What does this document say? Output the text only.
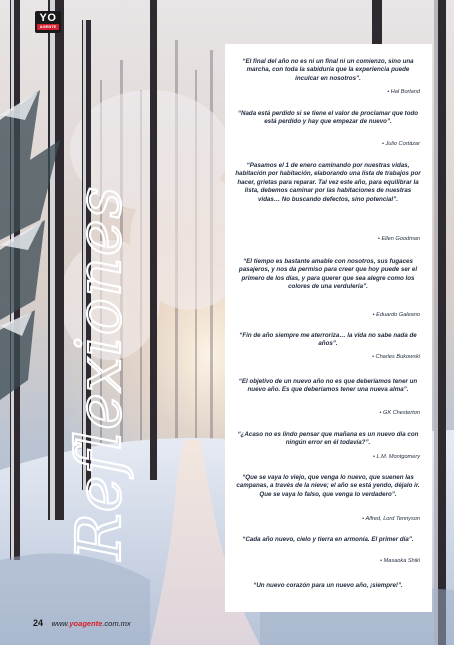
YO
AGENTE
Reflexiones
“El final del año no es ni un final ni un comienzo, sino una marcha, con toda la sabiduría que la experiencia puede inculcar en nosotros”.
• Hal Borland
“Nada está perdido si se tiene el valor de proclamar que todo está perdido y hay que empezar de nuevo”.
• Julio Cortázar
“Pasamos el 1 de enero caminando por nuestras vidas, habitación por habitación, elaborando una lista de trabajos por hacer, grietas para reparar. Tal vez este año, para equilibrar la lista, debemos caminar por las habitaciones de nuestras vidas… No buscando defectos, sino potencial”.
• Ellen Goodman
“El tiempo es bastante amable con nosotros, sus fugaces pasajeros, y nos da permiso para creer que hoy puede ser el primero de los días, y para querer que sea alegre como los colores de una verdulería”.
• Eduardo Galeano
“Fin de año siempre me aterroriza… la vida no sabe nada de años”.
• Charles Bukowski
“El objetivo de un nuevo año no es que deberíamos tener un nuevo año. Es que deberíamos tener una nueva alma”.
• GK Chesterton
“¿Acaso no es lindo pensar que mañana es un nuevo día con ningún error en él todavía?”.
• L.M. Montgomery
“Que se vaya lo viejo, que venga lo nuevo, que suenen las campanas, a través de la nieve; el año se está yendo, déjalo ir. Que se vaya lo falso, que venga lo verdadero”.
• Alfred, Lord Tennyson
“Cada año nuevo, cielo y tierra en armonía. El primer día”.
• Masaoka Shiki
“Un nuevo corazón para un nuevo año, ¡siempre!”.
24 www.yoagente.com.mx
